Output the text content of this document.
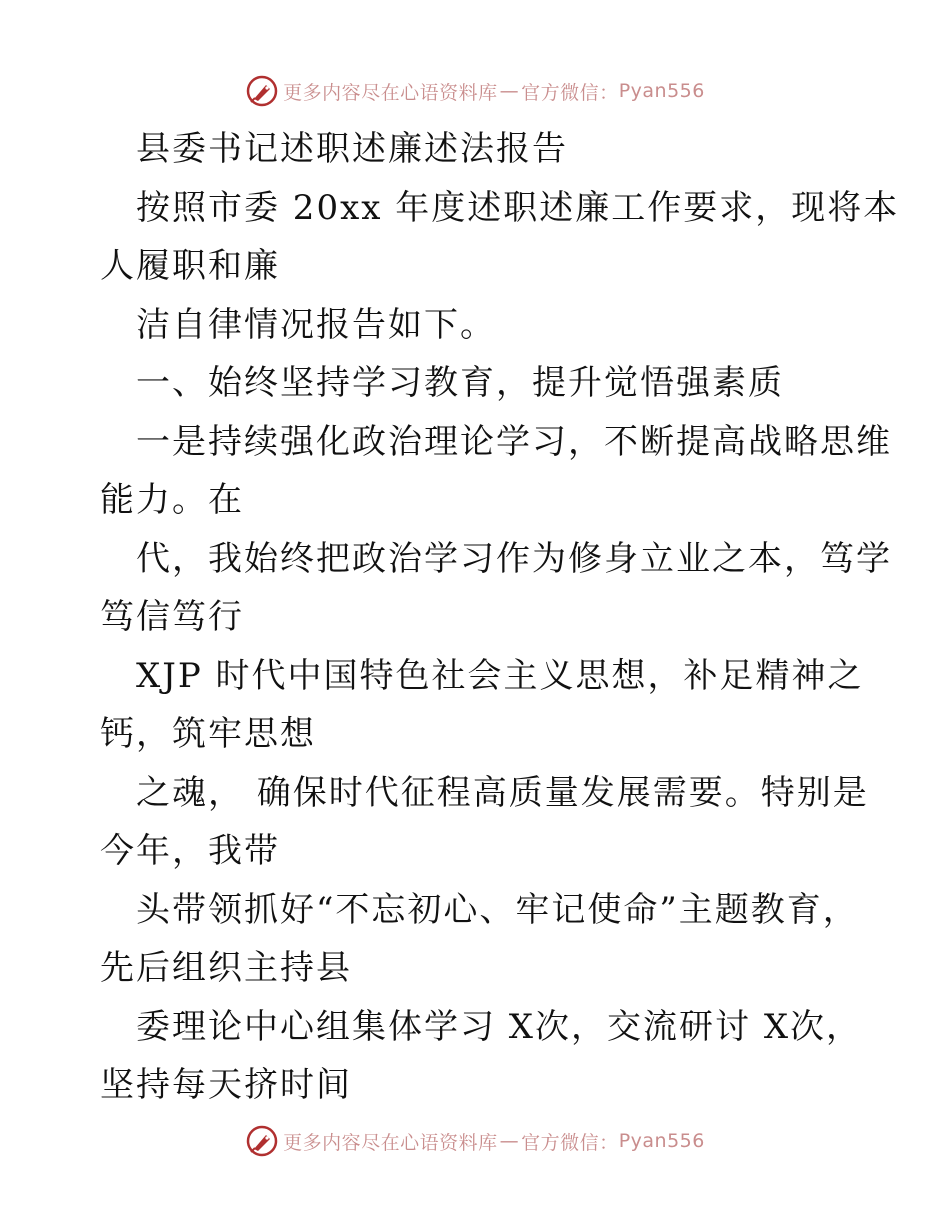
更多内容尽在心语资料库 — 官方微信： Pyan556
县委书记述职述廉述法报告
按照市委 20xx 年度述职述廉工作要求，现将本
人履职和廉
洁自律情况报告如下。
一、始终坚持学习教育，提升觉悟强素质
一是持续强化政治理论学习，不断提高战略思维
能力。在
代，我始终把政治学习作为修身立业之本，笃学
笃信笃行
XJP 时代中国特色社会主义思想，补足精神之
钙，筑牢思想
之魂， 确保时代征程高质量发展需要。特别是
今年，我带
头带领抓好“不忘初心、牢记使命”主题教育，
先后组织主持县
委理论中心组集体学习 X次，交流研讨 X次，
坚持每天挤时间
更多内容尽在心语资料库 — 官方微信： Pyan556
